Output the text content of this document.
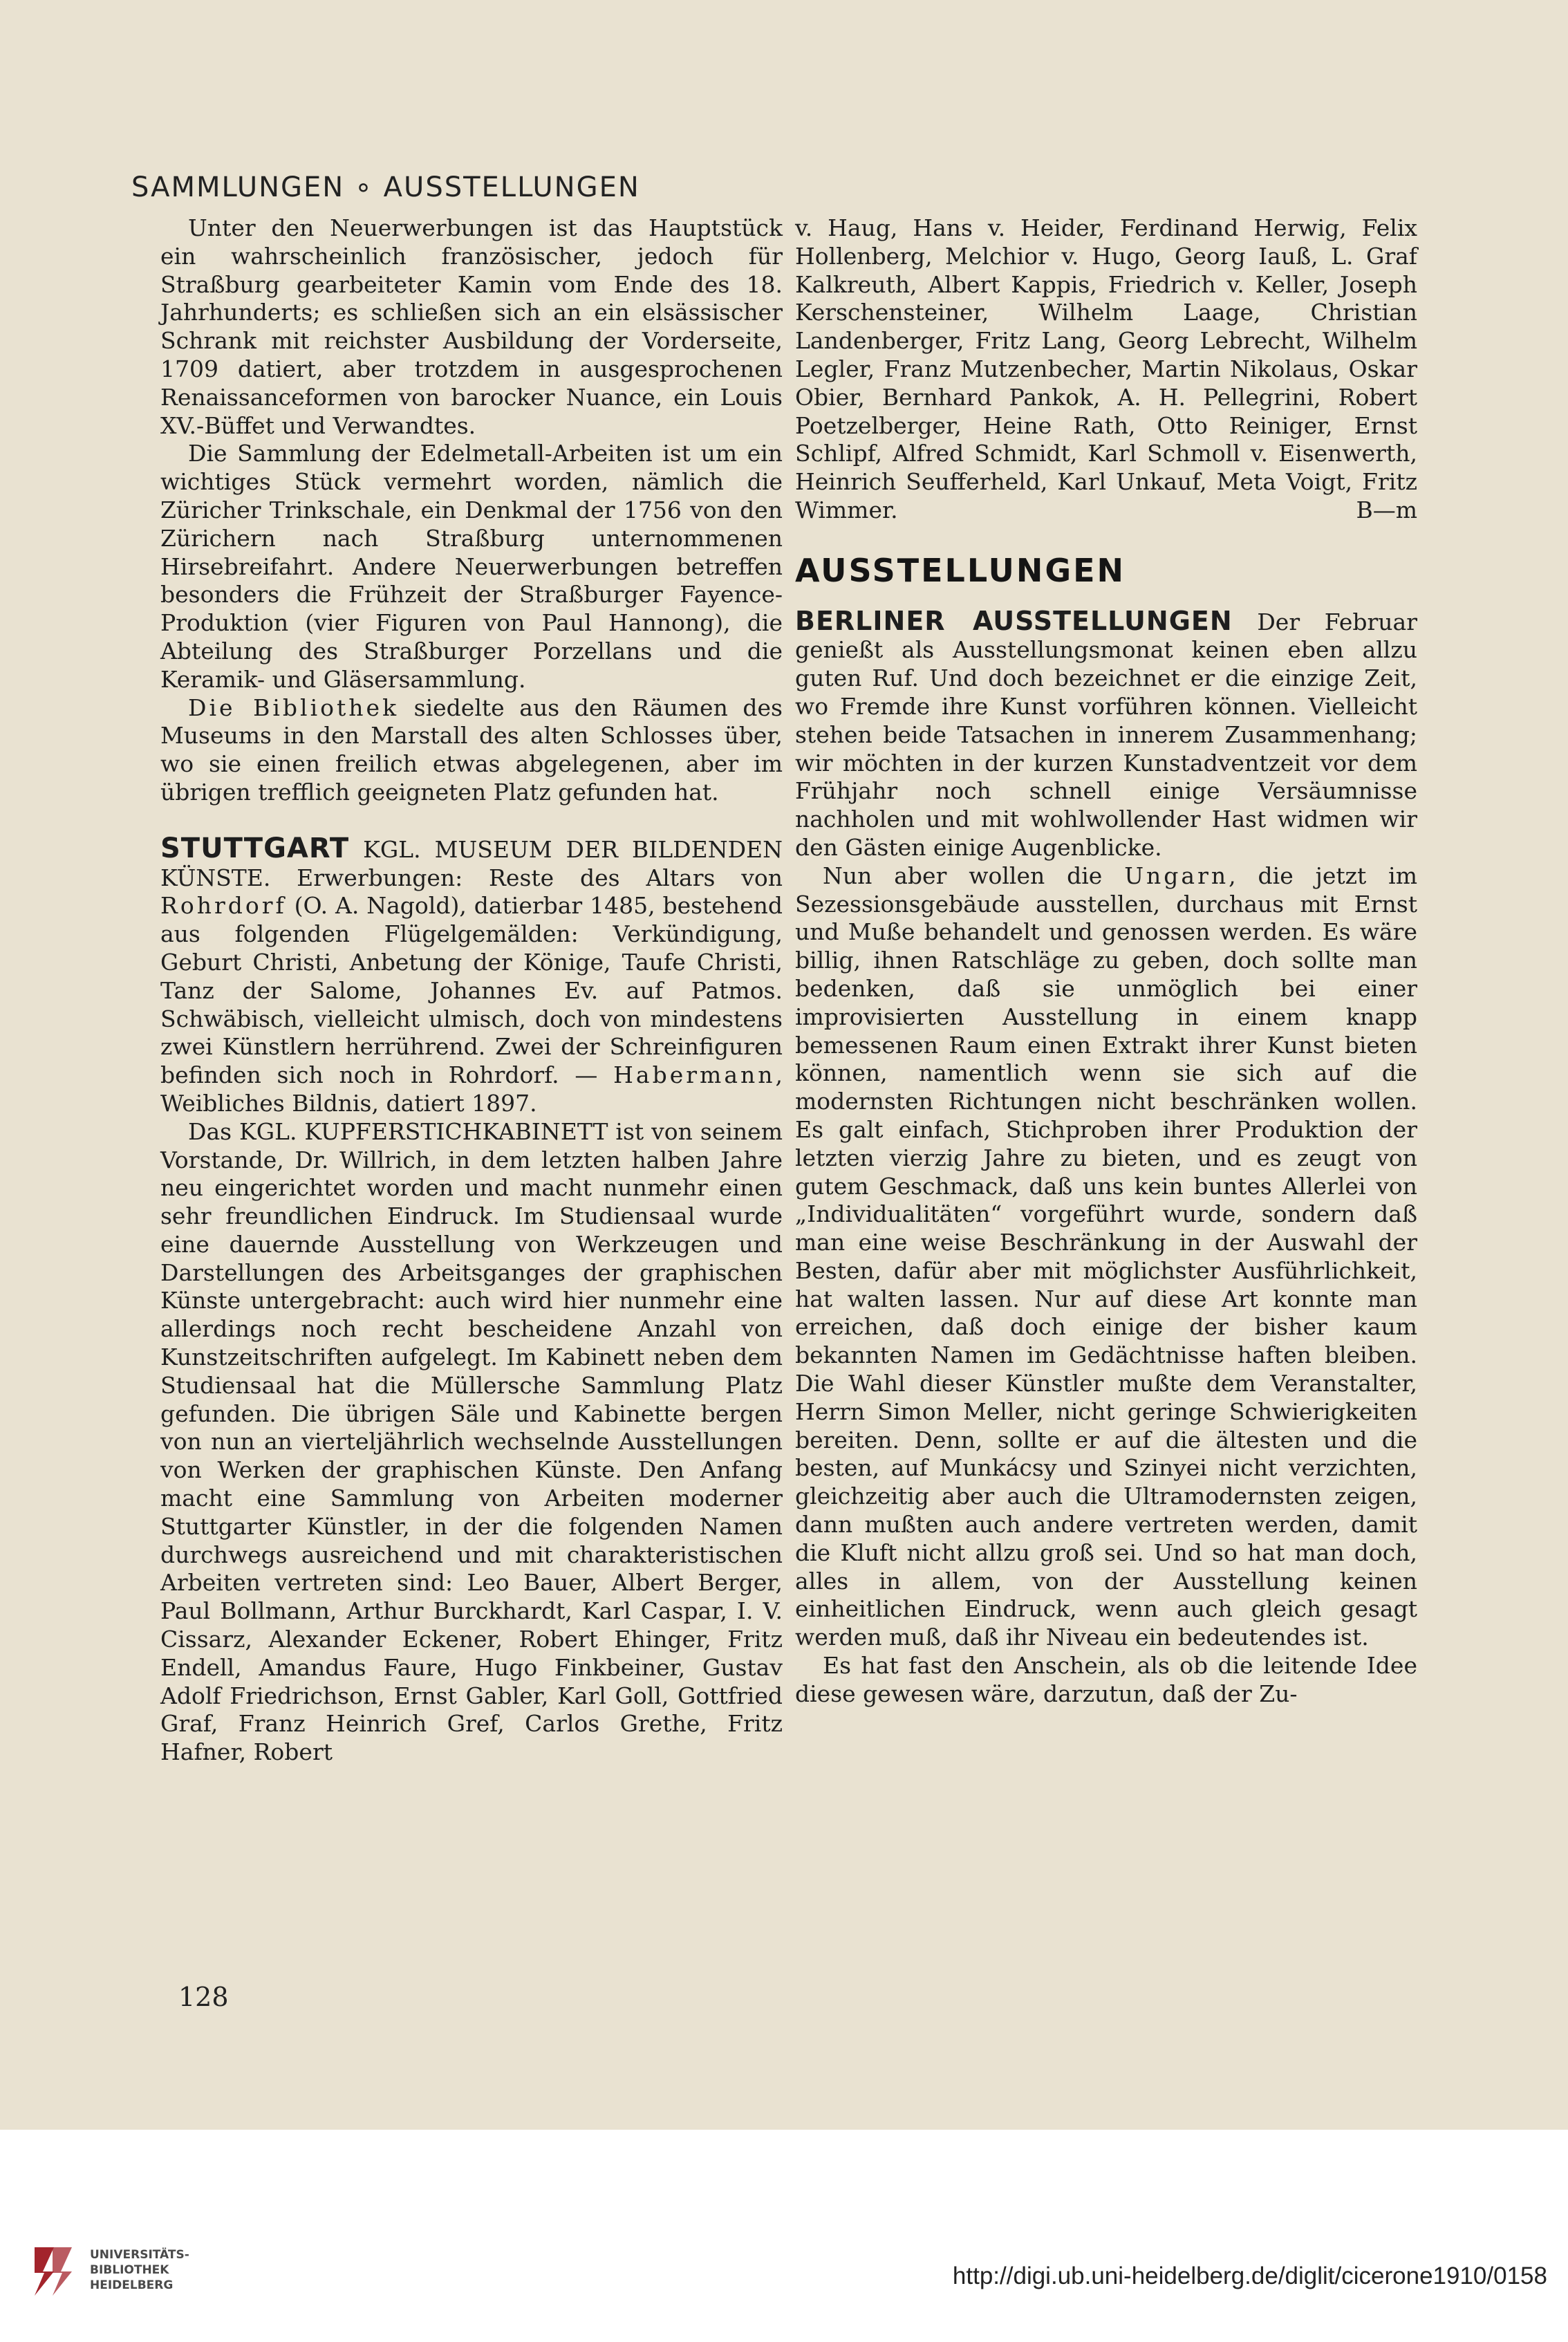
SAMMLUNGEN ∘ AUSSTELLUNGEN

Unter den Neuerwerbungen ist das Hauptstück ein wahrscheinlich französischer, jedoch für Straßburg gearbeiteter Kamin vom Ende des 18. Jahrhunderts; es schließen sich an ein elsässischer Schrank mit reichster Ausbildung der Vorderseite, 1709 datiert, aber trotzdem in ausgesprochenen Renaissanceformen von barocker Nuance, ein Louis XV.-Büffet und Verwandtes.

Die Sammlung der Edelmetall-Arbeiten ist um ein wichtiges Stück vermehrt worden, nämlich die Züricher Trinkschale, ein Denkmal der 1756 von den Zürichern nach Straßburg unternommenen Hirsebreifahrt. Andere Neuerwerbungen betreffen besonders die Frühzeit der Straßburger Fayence-Produktion (vier Figuren von Paul Hannong), die Abteilung des Straßburger Porzellans und die Keramik- und Gläsersammlung.

Die Bibliothek siedelte aus den Räumen des Museums in den Marstall des alten Schlosses über, wo sie einen freilich etwas abgelegenen, aber im übrigen trefflich geeigneten Platz gefunden hat.

STUTTGART KGL. MUSEUM DER BILDENDEN KÜNSTE. Erwerbungen: Reste des Altars von Rohrdorf (O. A. Nagold), datierbar 1485, bestehend aus folgenden Flügelgemälden: Verkündigung, Geburt Christi, Anbetung der Könige, Taufe Christi, Tanz der Salome, Johannes Ev. auf Patmos. Schwäbisch, vielleicht ulmisch, doch von mindestens zwei Künstlern herrührend. Zwei der Schreinfiguren befinden sich noch in Rohrdorf. — Habermann, Weibliches Bildnis, datiert 1897.

Das KGL. KUPFERSTICHKABINETT ist von seinem Vorstande, Dr. Willrich, in dem letzten halben Jahre neu eingerichtet worden und macht nunmehr einen sehr freundlichen Eindruck. Im Studiensaal wurde eine dauernde Ausstellung von Werkzeugen und Darstellungen des Arbeitsganges der graphischen Künste untergebracht: auch wird hier nunmehr eine allerdings noch recht bescheidene Anzahl von Kunstzeitschriften aufgelegt. Im Kabinett neben dem Studiensaal hat die Müllersche Sammlung Platz gefunden. Die übrigen Säle und Kabinette bergen von nun an vierteljährlich wechselnde Ausstellungen von Werken der graphischen Künste. Den Anfang macht eine Sammlung von Arbeiten moderner Stuttgarter Künstler, in der die folgenden Namen durchwegs ausreichend und mit charakteristischen Arbeiten vertreten sind: Leo Bauer, Albert Berger, Paul Bollmann, Arthur Burckhardt, Karl Caspar, I. V. Cissarz, Alexander Eckener, Robert Ehinger, Fritz Endell, Amandus Faure, Hugo Finkbeiner, Gustav Adolf Friedrichson, Ernst Gabler, Karl Goll, Gottfried Graf, Franz Heinrich Gref, Carlos Grethe, Fritz Hafner, Robert

v. Haug, Hans v. Heider, Ferdinand Herwig, Felix Hollenberg, Melchior v. Hugo, Georg Iauß, L. Graf Kalkreuth, Albert Kappis, Friedrich v. Keller, Joseph Kerschensteiner, Wilhelm Laage, Christian Landenberger, Fritz Lang, Georg Lebrecht, Wilhelm Legler, Franz Mutzenbecher, Martin Nikolaus, Oskar Obier, Bernhard Pankok, A. H. Pellegrini, Robert Poetzelberger, Heine Rath, Otto Reiniger, Ernst Schlipf, Alfred Schmidt, Karl Schmoll v. Eisenwerth, Heinrich Seufferheld, Karl Unkauf, Meta Voigt, Fritz Wimmer.	B—m

AUSSTELLUNGEN

BERLINER AUSSTELLUNGEN Der Februar genießt als Ausstellungsmonat keinen eben allzu guten Ruf. Und doch bezeichnet er die einzige Zeit, wo Fremde ihre Kunst vorführen können. Vielleicht stehen beide Tatsachen in innerem Zusammenhang; wir möchten in der kurzen Kunstadventzeit vor dem Frühjahr noch schnell einige Versäumnisse nachholen und mit wohlwollender Hast widmen wir den Gästen einige Augenblicke.

Nun aber wollen die Ungarn, die jetzt im Sezessionsgebäude ausstellen, durchaus mit Ernst und Muße behandelt und genossen werden. Es wäre billig, ihnen Ratschläge zu geben, doch sollte man bedenken, daß sie unmöglich bei einer improvisierten Ausstellung in einem knapp bemessenen Raum einen Extrakt ihrer Kunst bieten können, namentlich wenn sie sich auf die modernsten Richtungen nicht beschränken wollen. Es galt einfach, Stichproben ihrer Produktion der letzten vierzig Jahre zu bieten, und es zeugt von gutem Geschmack, daß uns kein buntes Allerlei von „Individualitäten“ vorgeführt wurde, sondern daß man eine weise Beschränkung in der Auswahl der Besten, dafür aber mit möglichster Ausführlichkeit, hat walten lassen. Nur auf diese Art konnte man erreichen, daß doch einige der bisher kaum bekannten Namen im Gedächtnisse haften bleiben. Die Wahl dieser Künstler mußte dem Veranstalter, Herrn Simon Meller, nicht geringe Schwierigkeiten bereiten. Denn, sollte er auf die ältesten und die besten, auf Munkácsy und Szinyei nicht verzichten, gleichzeitig aber auch die Ultramodernsten zeigen, dann mußten auch andere vertreten werden, damit die Kluft nicht allzu groß sei. Und so hat man doch, alles in allem, von der Ausstellung keinen einheitlichen Eindruck, wenn auch gleich gesagt werden muß, daß ihr Niveau ein bedeutendes ist.

Es hat fast den Anschein, als ob die leitende Idee diese gewesen wäre, darzutun, daß der Zu-

128
UNIVERSITÄTS-
BIBLIOTHEK
HEIDELBERG	http://digi.ub.uni-heidelberg.de/diglit/cicerone1910/0158
